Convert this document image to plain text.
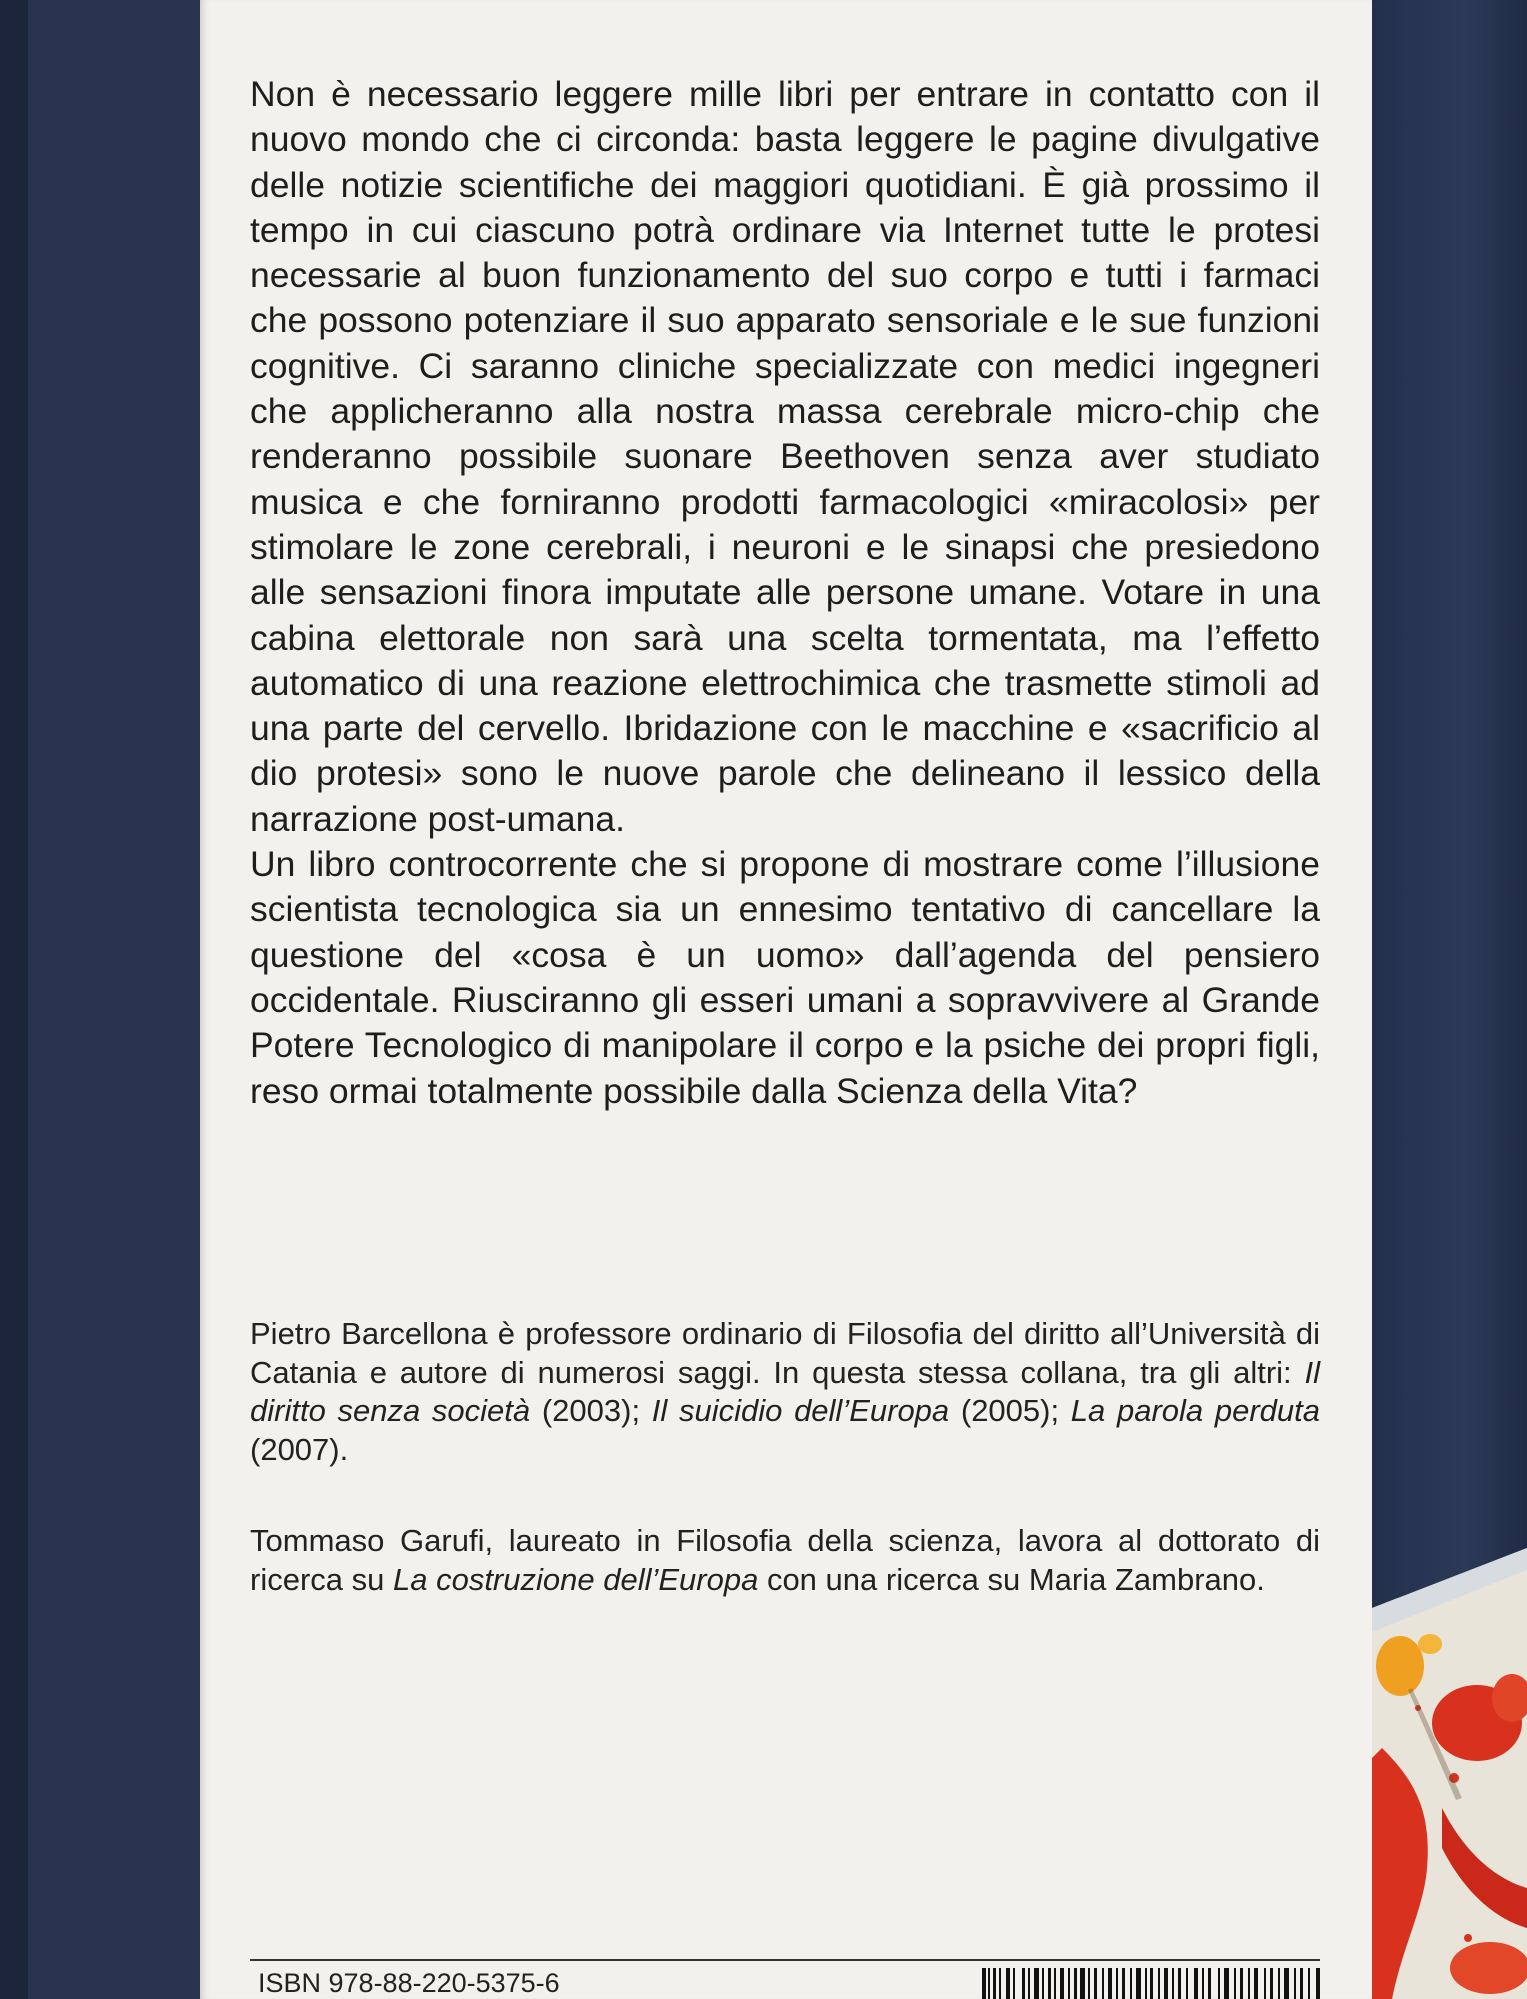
Non è necessario leggere mille libri per entrare in contatto con il nuovo mondo che ci circonda: basta leggere le pagine divulgative delle notizie scientifiche dei maggiori quotidiani. È già prossimo il tempo in cui ciascuno potrà ordinare via Internet tutte le protesi necessarie al buon funzionamento del suo corpo e tutti i farmaci che possono potenziare il suo apparato sensoriale e le sue funzioni cognitive. Ci saranno cliniche specializzate con medici ingegneri che applicheranno alla nostra massa cerebrale micro-chip che renderanno possibile suonare Beethoven senza aver studiato musica e che forniranno prodotti farmacologici «miracolosi» per stimolare le zone cerebrali, i neuroni e le sinapsi che presiedono alle sensazioni finora imputate alle persone umane. Votare in una cabina elettorale non sarà una scelta tormentata, ma l’effetto automatico di una reazione elettrochimica che trasmette stimoli ad una parte del cervello. Ibridazione con le macchine e «sacrificio al dio protesi» sono le nuove parole che delineano il lessico della narrazione post-umana.

Un libro controcorrente che si propone di mostrare come l’illusione scientista tecnologica sia un ennesimo tentativo di cancellare la questione del «cosa è un uomo» dall’agenda del pensiero occidentale. Riusciranno gli esseri umani a sopravvivere al Grande Potere Tecnologico di manipolare il corpo e la psiche dei propri figli, reso ormai totalmente possibile dalla Scienza della Vita?

Pietro Barcellona è professore ordinario di Filosofia del diritto all’Università di Catania e autore di numerosi saggi. In questa stessa collana, tra gli altri: Il diritto senza società (2003); Il suicidio dell’Europa (2005); La parola perduta (2007).

Tommaso Garufi, laureato in Filosofia della scienza, lavora al dottorato di ricerca su La costruzione dell’Europa con una ricerca su Maria Zambrano.

ISBN 978-88-220-5375-6
